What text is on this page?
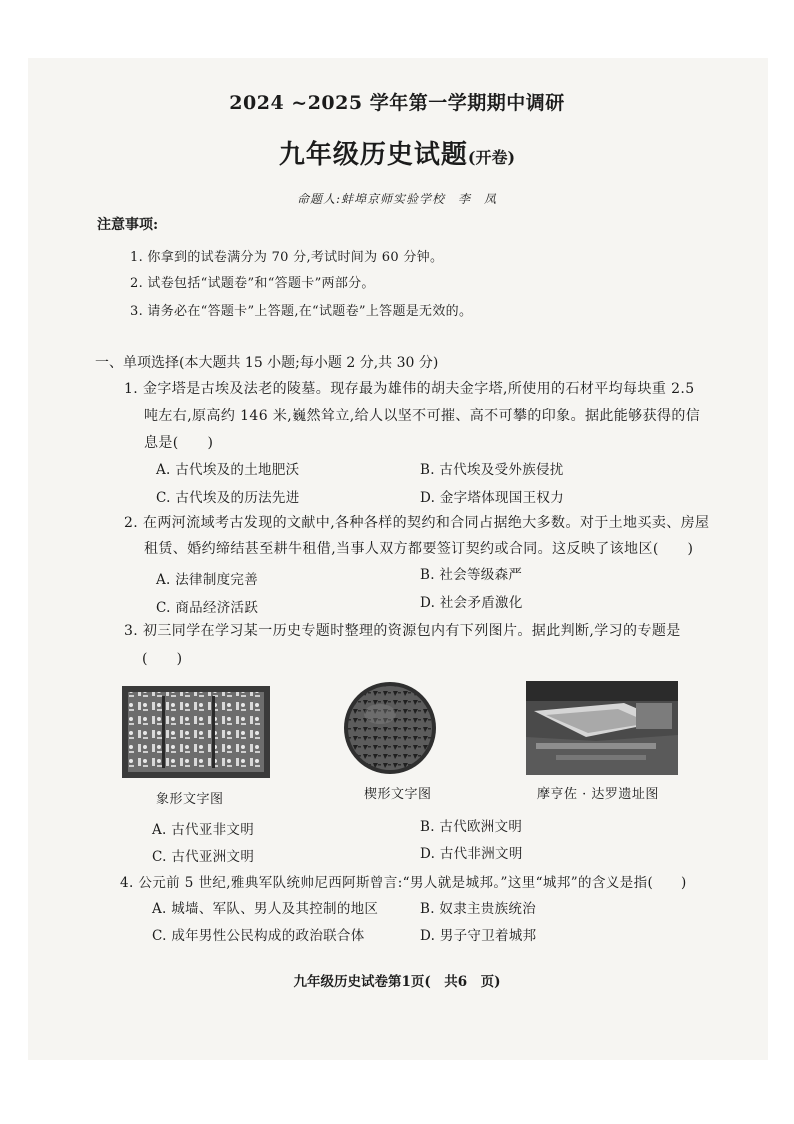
2024 ~2025 学年第一学期期中调研
九年级历史试题(开卷)
命题人:蚌埠京师实验学校　李　凤
注意事项:
1. 你拿到的试卷满分为 70 分,考试时间为 60 分钟。
2. 试卷包括“试题卷”和“答题卡”两部分。
3. 请务必在“答题卡”上答题,在“试题卷”上答题是无效的。
一、单项选择(本大题共 15 小题;每小题 2 分,共 30 分)
1. 金字塔是古埃及法老的陵墓。现存最为雄伟的胡夫金字塔,所使用的石材平均每块重 2.5
吨左右,原高约 146 米,巍然耸立,给人以坚不可摧、高不可攀的印象。据此能够获得的信
息是(　　)
A. 古代埃及的土地肥沃	B. 古代埃及受外族侵扰
C. 古代埃及的历法先进	D. 金字塔体现国王权力
2. 在两河流域考古发现的文献中,各种各样的契约和合同占据绝大多数。对于土地买卖、房屋
租赁、婚约缔结甚至耕牛租借,当事人双方都要签订契约或合同。这反映了该地区(　　)
A. 法律制度完善	B. 社会等级森严
C. 商品经济活跃	D. 社会矛盾激化
3. 初三同学在学习某一历史专题时整理的资源包内有下列图片。据此判断,学习的专题是
(　　)
象形文字图	楔形文字图	摩亨佐 · 达罗遗址图
A. 古代亚非文明	B. 古代欧洲文明
C. 古代亚洲文明	D. 古代非洲文明
4. 公元前 5 世纪,雅典军队统帅尼西阿斯曾言:“男人就是城邦。”这里“城邦”的含义是指(　　)
A. 城墙、军队、男人及其控制的地区	B. 奴隶主贵族统治
C. 成年男性公民构成的政治联合体	D. 男子守卫着城邦
九年级历史试卷第1页(　共6　页)
